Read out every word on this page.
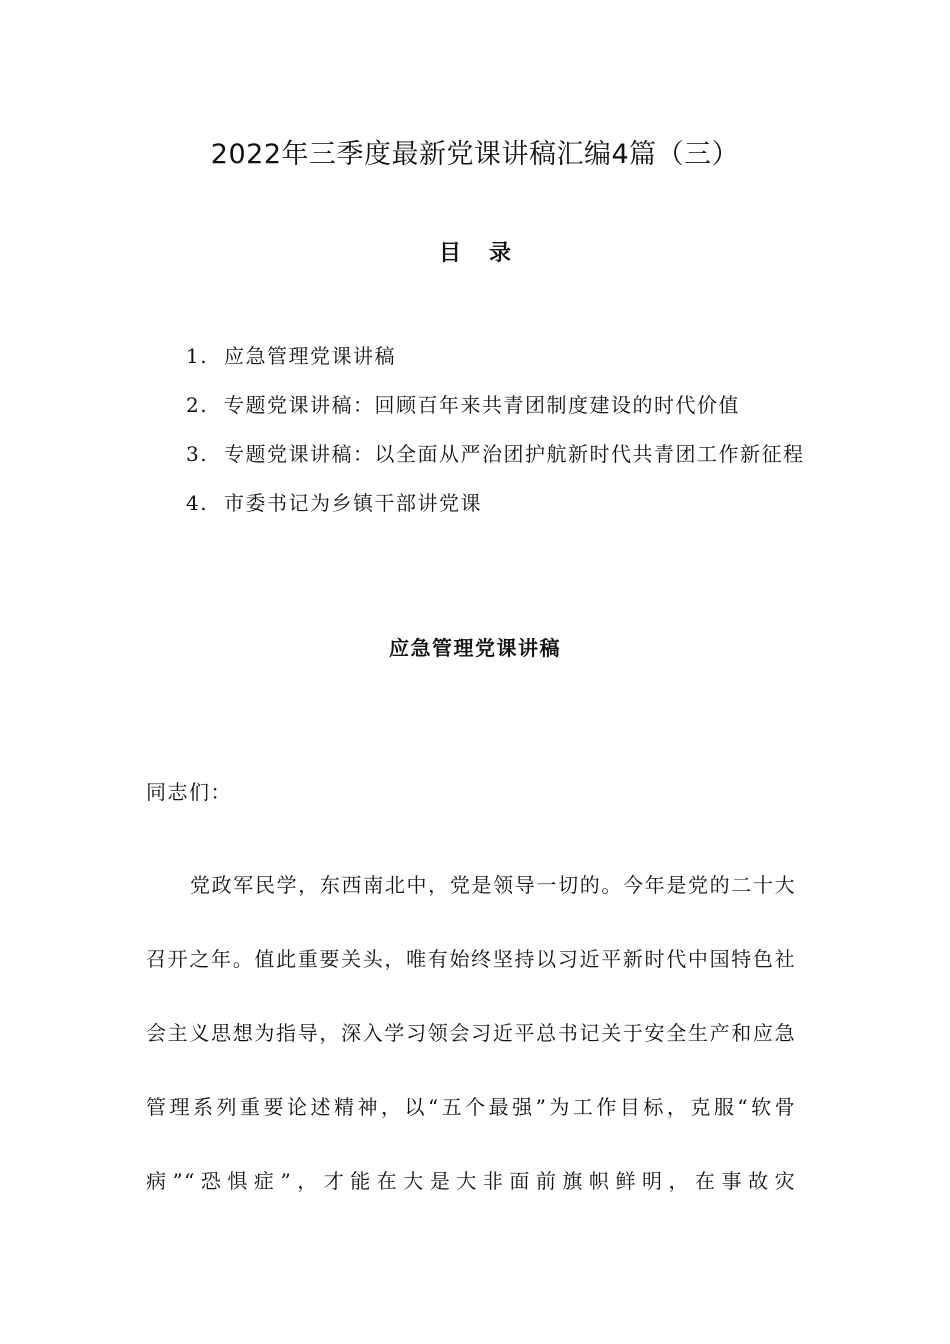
2022年三季度最新党课讲稿汇编4篇（三）
目录
1. 应急管理党课讲稿
2. 专题党课讲稿：回顾百年来共青团制度建设的时代价值
3. 专题党课讲稿：以全面从严治团护航新时代共青团工作新征程
4. 市委书记为乡镇干部讲党课
应急管理党课讲稿

同志们：

党政军民学，东西南北中，党是领导一切的。今年是党的二十大召开之年。值此重要关头，唯有始终坚持以习近平新时代中国特色社会主义思想为指导，深入学习领会习近平总书记关于安全生产和应急管理系列重要论述精神，以“五个最强”为工作目标，克服“软骨病”“恐惧症”，才能在大是大非面前旗帜鲜明，在事故灾
